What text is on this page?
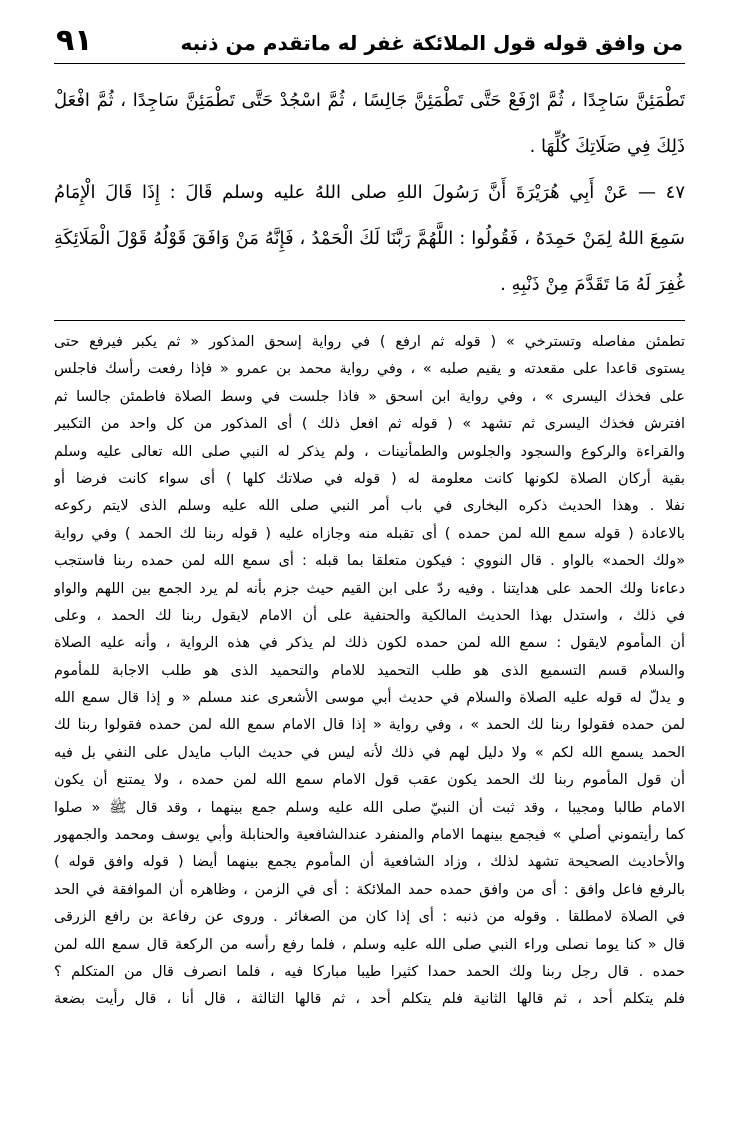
من وافق قوله قول الملائكة غفر له ماتقدم من ذنبه
٩١
تَطْمَئِنَّ سَاجِدًا ، ثُمَّ ارْفَعْ حَتَّى تَطْمَئِنَّ جَالِسًا ، ثُمَّ اسْجُدْ حَتَّى تَطْمَئِنَّ سَاجِدًا ، ثُمَّ افْعَلْ
ذَلِكَ فِي صَلَاتِكَ كُلِّهَا .
٤٧ — عَنْ أَبِي هُرَيْرَةَ أَنَّ رَسُولَ اللهِ صلى اللهُ عليه وسلم قَالَ : إِذَا قَالَ الْإِمَامُ
سَمِعَ اللهُ لِمَنْ حَمِدَهُ ، فَقُولُوا : اللَّهُمَّ رَبَّنَا لَكَ الْحَمْدُ ، فَإِنَّهُ مَنْ وَافَقَ قَوْلُهُ قَوْلَ الْمَلَائِكَةِ
غُفِرَ لَهُ مَا تَقَدَّمَ مِنْ ذَنْبِهِ .
تطمئن مفاصله وتسترخي » ( قوله ثم ارفع ) في رواية إسحق المذكور « ثم يكبر فيرفع حتى
يستوى قاعدا على مقعدته و يقيم صلبه » ، وفي رواية محمد بن عمرو « فإذا رفعت رأسك فاجلس
على فخذك اليسرى » ، وفي رواية ابن اسحق « فاذا جلست في وسط الصلاة فاطمئن جالسا ثم
افترش فخذك اليسرى ثم تشهد » ( قوله ثم افعل ذلك ) أى المذكور من كل واحد من التكبير
والقراءة والركوع والسجود والجلوس والطمأنينات ، ولم يذكر له النبي صلى الله تعالى عليه وسلم
بقية أركان الصلاة لكونها كانت معلومة له ( قوله في صلاتك كلها ) أى سواء كانت فرضا أو
نفلا . وهذا الحديث ذكره البخارى في باب أمر النبي صلى الله عليه وسلم الذى لايتم ركوعه
بالاعادة ( قوله سمع الله لمن حمده ) أى تقبله منه وجازاه عليه ( قوله ربنا لك الحمد ) وفي رواية
«ولك الحمد» بالواو . قال النووي : فيكون متعلقا بما قبله : أى سمع الله لمن حمده ربنا فاستجب
دعاءنا ولك الحمد على هدايتنا . وفيه ردّ على ابن القيم حيث جزم بأنه لم يرد الجمع بين اللهم والواو
في ذلك ، واستدل بهذا الحديث المالكية والحنفية على أن الامام لايقول ربنا لك الحمد ، وعلى
أن المأموم لايقول : سمع الله لمن حمده لكون ذلك لم يذكر في هذه الرواية ، وأنه عليه الصلاة
والسلام قسم التسميع الذى هو طلب التحميد للامام والتحميد الذى هو طلب الاجابة للمأموم
و يدلّ له قوله عليه الصلاة والسلام في حديث أبي موسى الأشعرى عند مسلم « و إذا قال سمع الله
لمن حمده فقولوا ربنا لك الحمد » ، وفي رواية « إذا قال الامام سمع الله لمن حمده فقولوا ربنا لك
الحمد يسمع الله لكم » ولا دليل لهم في ذلك لأنه ليس في حديث الباب مايدل على النفي بل فيه
أن قول المأموم ربنا لك الحمد يكون عقب قول الامام سمع الله لمن حمده ، ولا يمتنع أن يكون
الامام طالبا ومجيبا ، وقد ثبت أن النبيّ صلى الله عليه وسلم جمع بينهما ، وقد قال ﷺ « صلوا
كما رأيتموني أصلي » فيجمع بينهما الامام والمنفرد عندالشافعية والحنابلة وأبي يوسف ومحمد والجمهور
والأحاديث الصحيحة تشهد لذلك ، وزاد الشافعية أن المأموم يجمع بينهما أيضا ( قوله وافق قوله )
بالرفع فاعل وافق : أى من وافق حمده حمد الملائكة : أى في الزمن ، وظاهره أن الموافقة في الحد
في الصلاة لامطلقا . وقوله من ذنبه : أى إذا كان من الصغائر . وروى عن رفاعة بن رافع الزرقى
قال « كنا يوما نصلى وراء النبي صلى الله عليه وسلم ، فلما رفع رأسه من الركعة قال سمع الله لمن
حمده . قال رجل ربنا ولك الحمد حمدا كثيرا طيبا مباركا فيه ، فلما انصرف قال من المتكلم ؟
فلم يتكلم أحد ، ثم قالها الثانية فلم يتكلم أحد ، ثم قالها الثالثة ، قال أنا ، قال رأيت بضعة
